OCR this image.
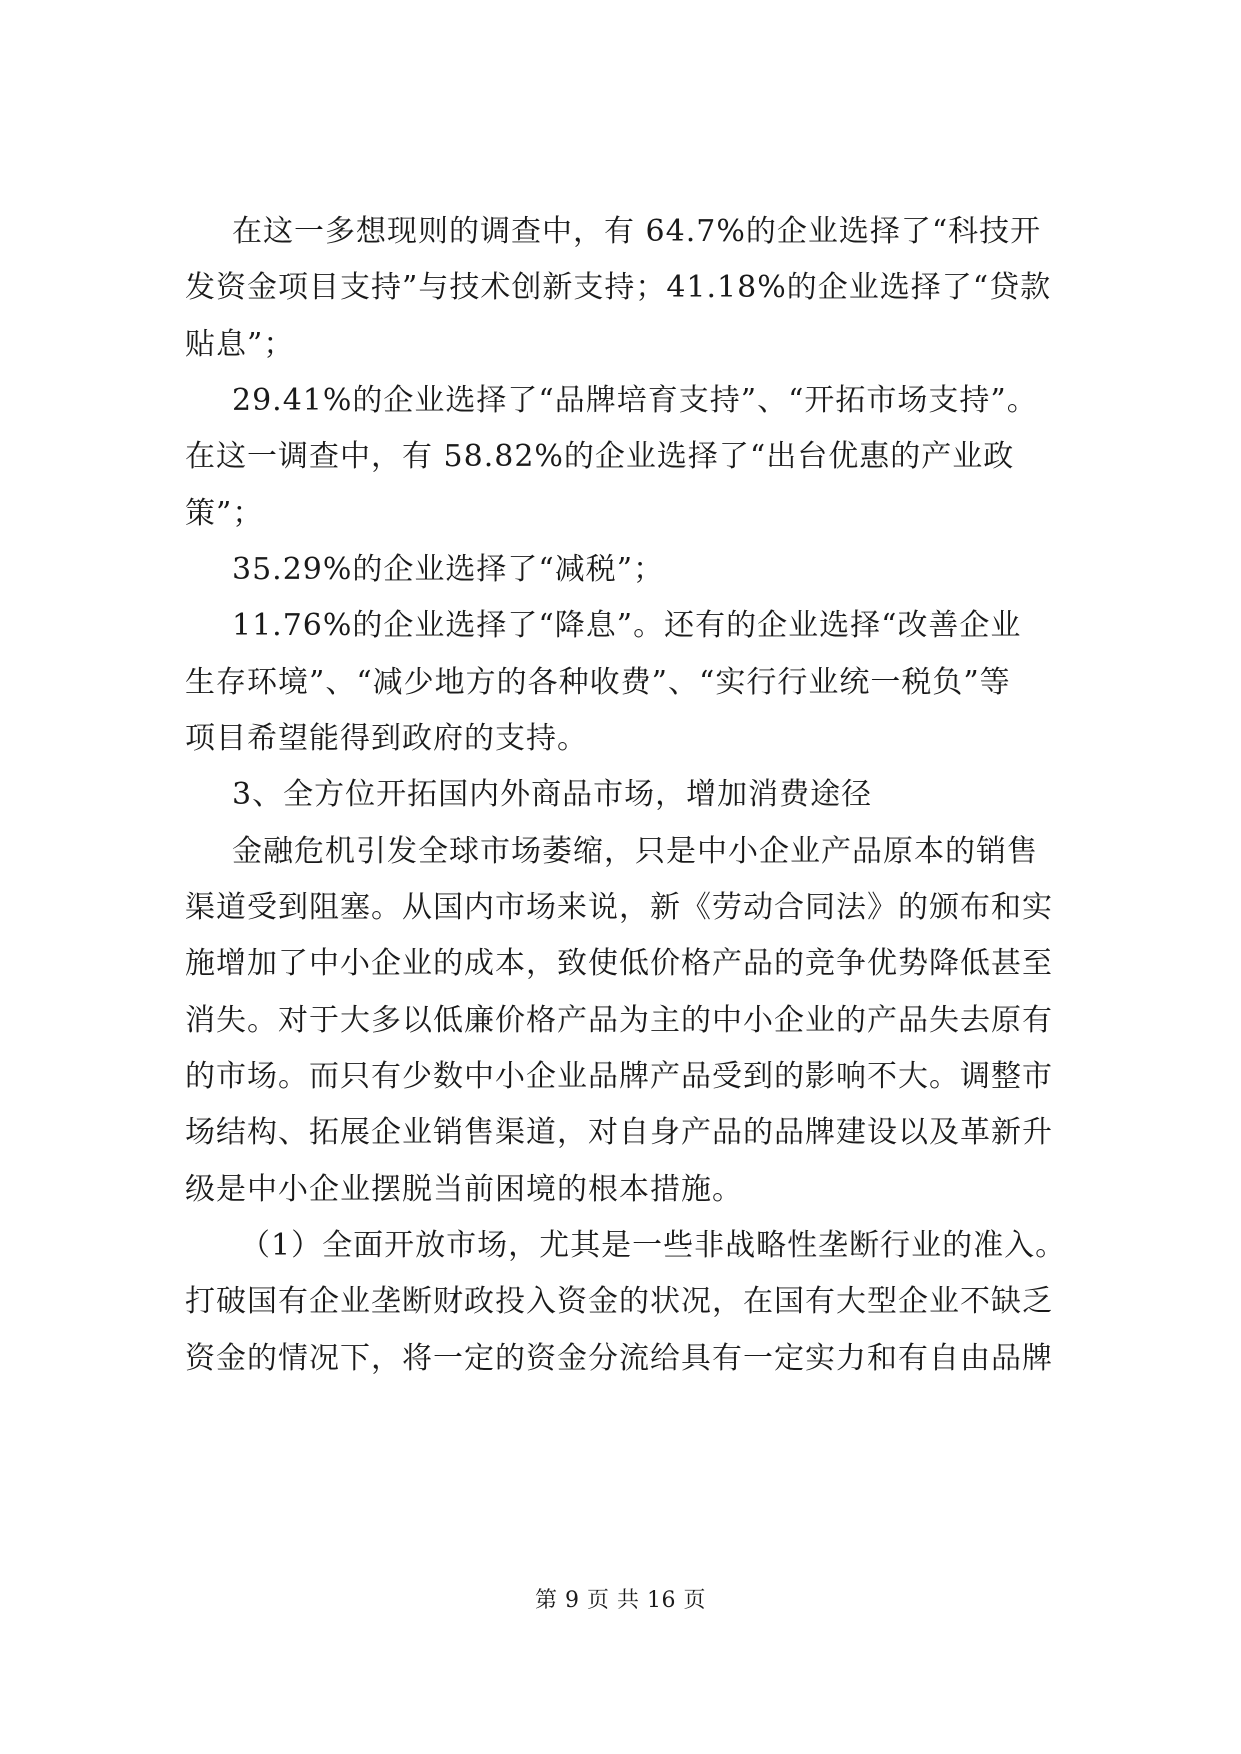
在这一多想现则的调查中，有 64.7%的企业选择了“科技开
发资金项目支持”与技术创新支持；41.18%的企业选择了“贷款
贴息”；
29.41%的企业选择了“品牌培育支持”、“开拓市场支持”。
在这一调查中，有 58.82%的企业选择了“出台优惠的产业政
策”；
35.29%的企业选择了“减税”；
11.76%的企业选择了“降息”。还有的企业选择“改善企业
生存环境”、“减少地方的各种收费”、“实行行业统一税负”等
项目希望能得到政府的支持。
3、全方位开拓国内外商品市场，增加消费途径
金融危机引发全球市场萎缩，只是中小企业产品原本的销售
渠道受到阻塞。从国内市场来说，新《劳动合同法》的颁布和实
施增加了中小企业的成本，致使低价格产品的竞争优势降低甚至
消失。对于大多以低廉价格产品为主的中小企业的产品失去原有
的市场。而只有少数中小企业品牌产品受到的影响不大。调整市
场结构、拓展企业销售渠道，对自身产品的品牌建设以及革新升
级是中小企业摆脱当前困境的根本措施。
（1）全面开放市场，尤其是一些非战略性垄断行业的准入。
打破国有企业垄断财政投入资金的状况，在国有大型企业不缺乏
资金的情况下，将一定的资金分流给具有一定实力和有自由品牌
第 9 页 共 16 页
